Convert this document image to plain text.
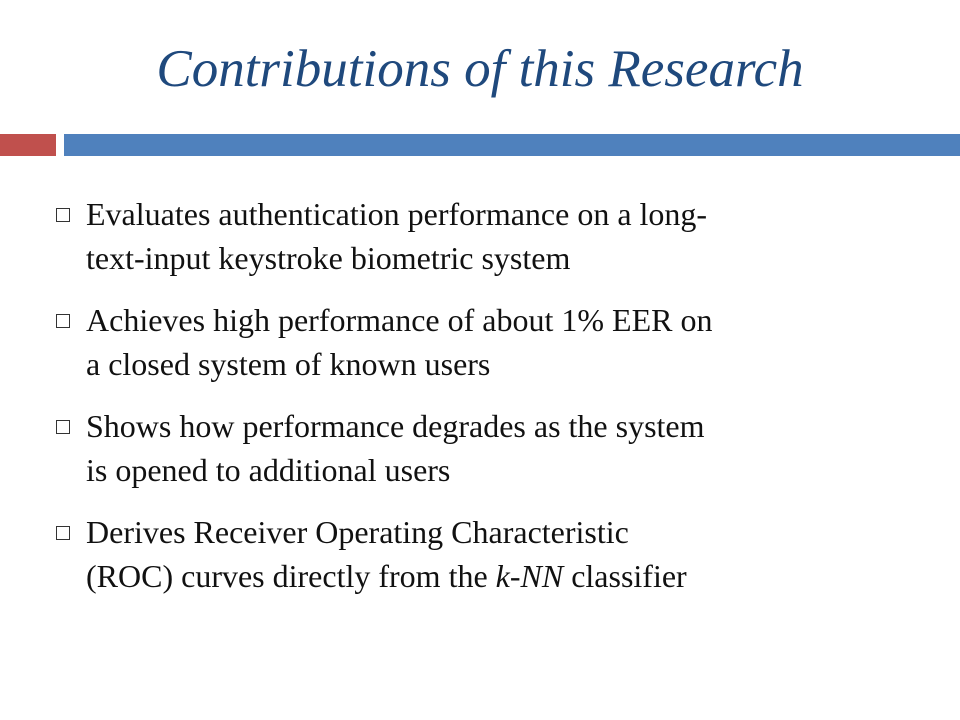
Contributions of this Research
Evaluates authentication performance on a long-
text-input keystroke biometric system
Achieves high performance of about 1% EER on
a closed system of known users
Shows how performance degrades as the system
is opened to additional users
Derives Receiver Operating Characteristic
(ROC) curves directly from the k-NN classifier
